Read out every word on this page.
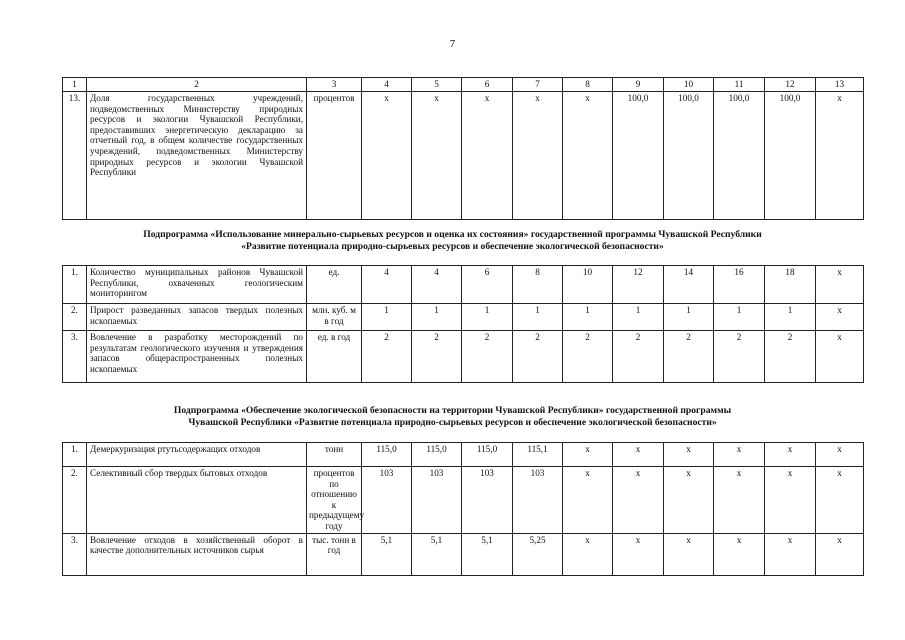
7
1	2	3	4	5	6	7	8	9	10	11	12	13
13.	Доля государственных учреждений, подведомственных Министерству природных ресурсов и экологии Чувашской Республики, предоставивших энергетическую декларацию за отчетный год, в общем количестве государственных учреждений, подведомственных Министерству природных ресурсов и экологии Чувашской Республики	процентов	х	х	х	х	х	100,0	100,0	100,0	100,0	х
Подпрограмма «Использование минерально-сырьевых ресурсов и оценка их состояния» государственной программы Чувашской Республики
«Развитие потенциала природно-сырьевых ресурсов и обеспечение экологической безопасности»
1.	Количество муниципальных районов Чувашской Республики, охваченных геологическим мониторингом	ед.	4	4	6	8	10	12	14	16	18	х
2.	Прирост разведанных запасов твердых полезных ископаемых	млн. куб. м в год	1	1	1	1	1	1	1	1	1	х
3.	Вовлечение в разработку месторождений по результатам геологического изучения и утверждения запасов общераспространенных полезных ископаемых	ед. в год	2	2	2	2	2	2	2	2	2	х
Подпрограмма «Обеспечение экологической безопасности на территории Чувашской Республики» государственной программы
Чувашской Республики «Развитие потенциала природно-сырьевых ресурсов и обеспечение экологической безопасности»
1.	Демеркуризация ртутьсодержащих отходов	тонн	115,0	115,0	115,0	115,1	х	х	х	х	х	х
2.	Селективный сбор твердых бытовых отходов	процентов по отношению к предыдущему году	103	103	103	103	х	х	х	х	х	х
3.	Вовлечение отходов в хозяйственный оборот в качестве дополнительных источников сырья	тыс. тонн в год	5,1	5,1	5,1	5,25	х	х	х	х	х	х
